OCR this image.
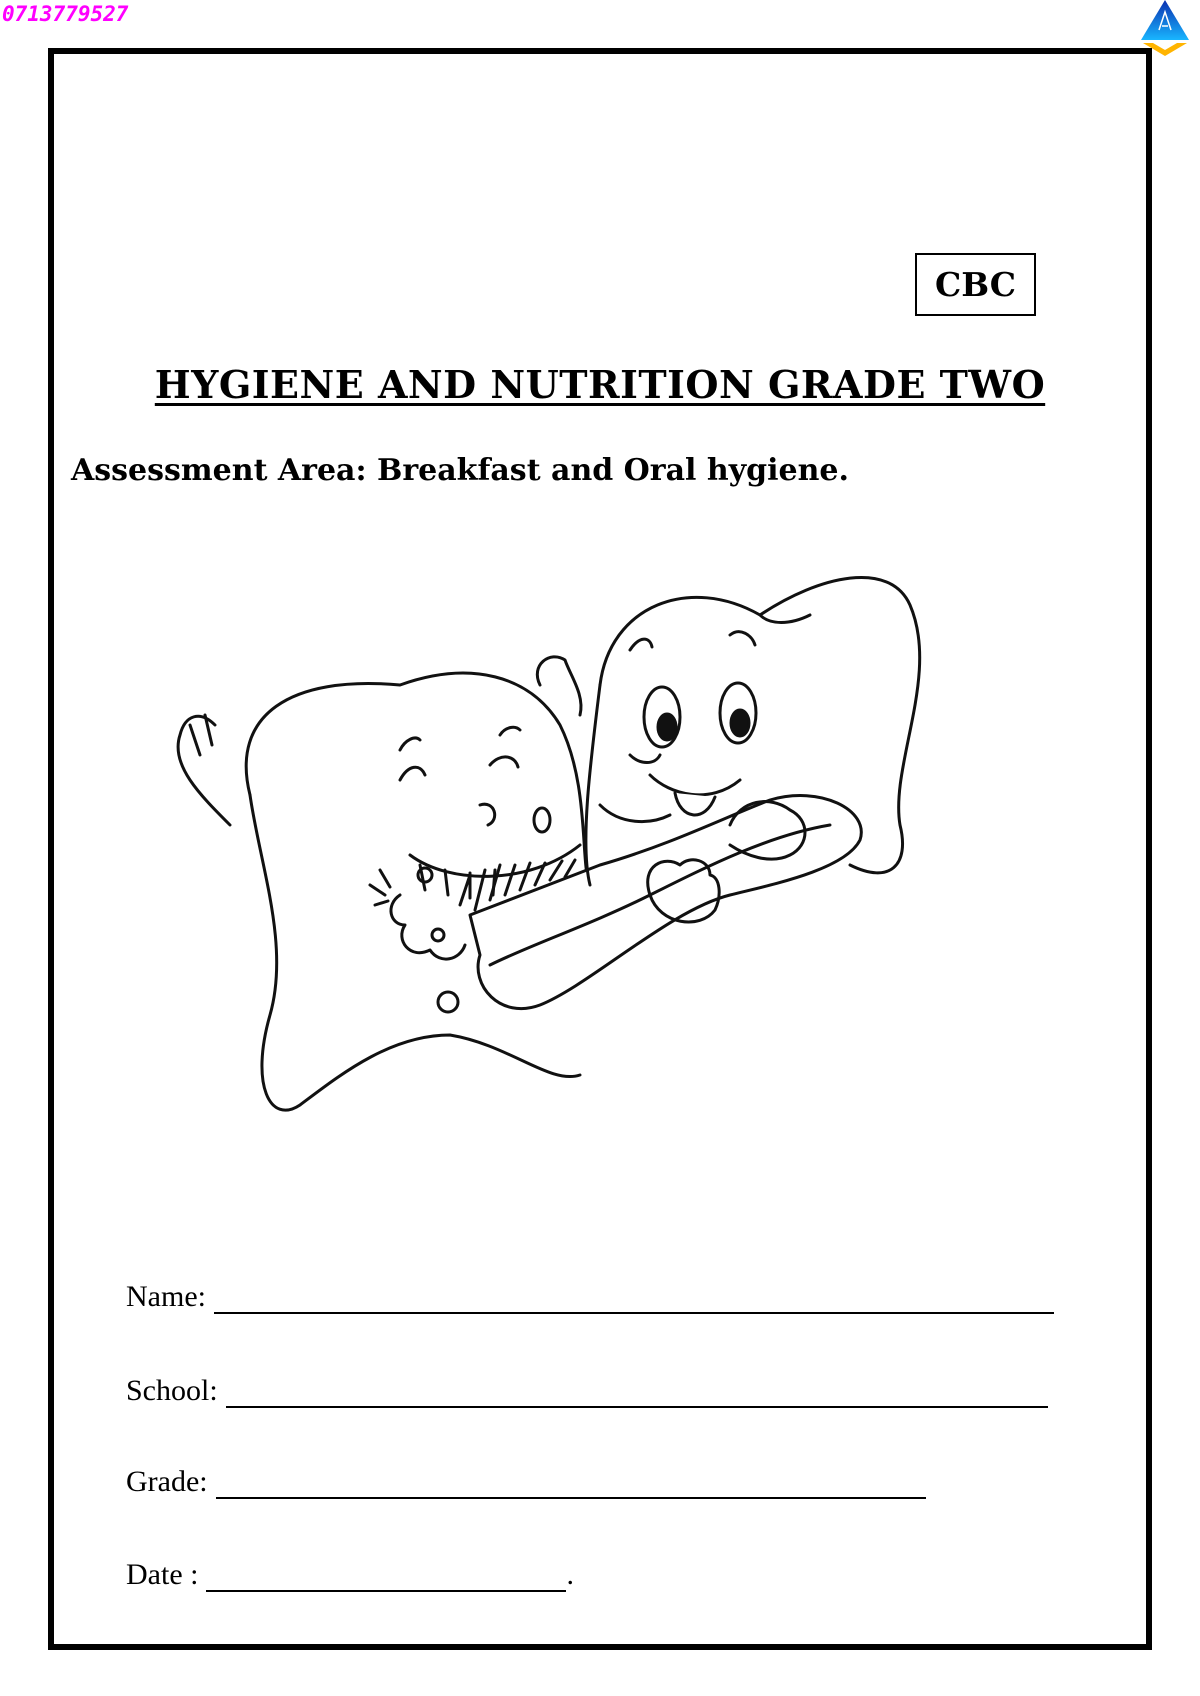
0713779527
CBC
HYGIENE AND NUTRITION GRADE TWO
Assessment Area: Breakfast and Oral hygiene.
Name:
School:
Grade:
Date :	.
